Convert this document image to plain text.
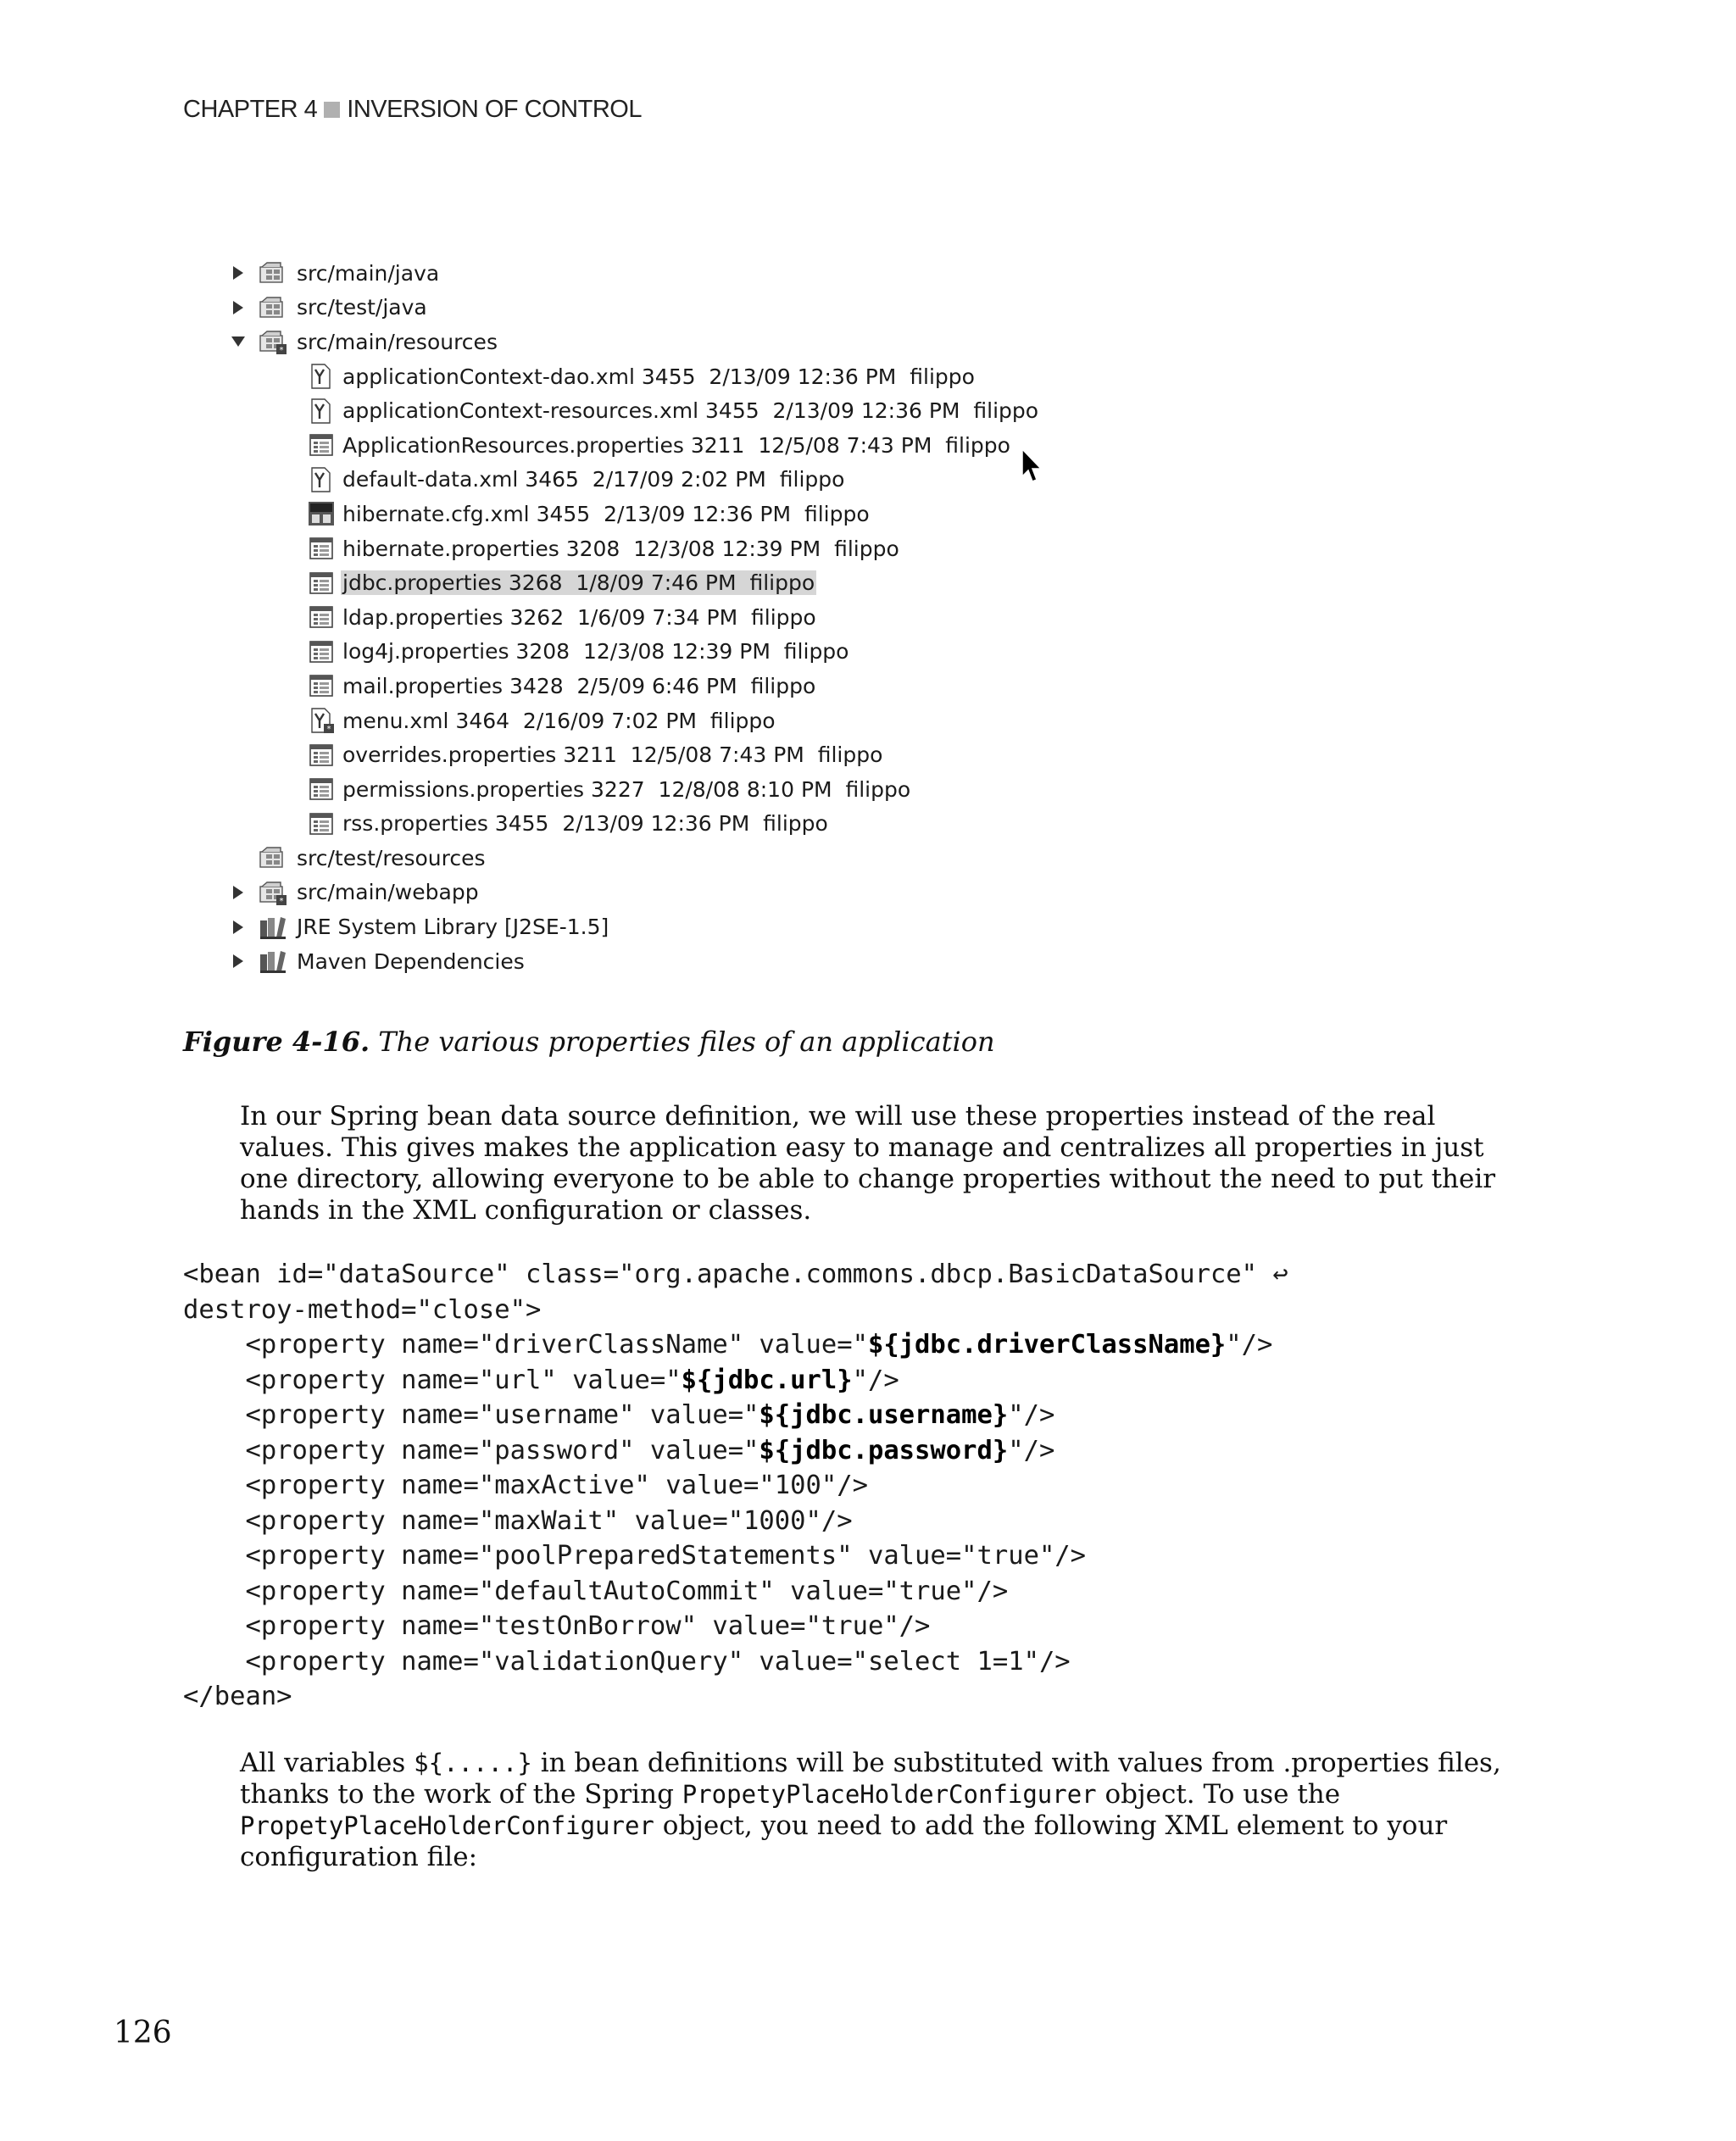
CHAPTER 4 INVERSION OF CONTROL
src/main/java
src/test/java
* src/main/resources
applicationContext-dao.xml 3455  2/13/09 12:36 PM  filippo
applicationContext-resources.xml 3455  2/13/09 12:36 PM  filippo
ApplicationResources.properties 3211  12/5/08 7:43 PM  filippo
default-data.xml 3465  2/17/09 2:02 PM  filippo
hibernate.cfg.xml 3455  2/13/09 12:36 PM  filippo
hibernate.properties 3208  12/3/08 12:39 PM  filippo
jdbc.properties 3268  1/8/09 7:46 PM  filippo
ldap.properties 3262  1/6/09 7:34 PM  filippo
log4j.properties 3208  12/3/08 12:39 PM  filippo
mail.properties 3428  2/5/09 6:46 PM  filippo
* menu.xml 3464  2/16/09 7:02 PM  filippo
overrides.properties 3211  12/5/08 7:43 PM  filippo
permissions.properties 3227  12/8/08 8:10 PM  filippo
rss.properties 3455  2/13/09 12:36 PM  filippo
src/test/resources
* src/main/webapp
JRE System Library [J2SE-1.5]
Maven Dependencies
Figure 4-16. The various properties files of an application
In our Spring bean data source definition, we will use these properties instead of the real values. This gives makes the application easy to manage and centralizes all properties in just one directory, allowing everyone to be able to change properties without the need to put their hands in the XML configuration or classes.
<bean id="dataSource" class="org.apache.commons.dbcp.BasicDataSource" ↩
destroy-method="close">
<property name="driverClassName" value="${jdbc.driverClassName}"/>
<property name="url" value="${jdbc.url}"/>
<property name="username" value="${jdbc.username}"/>
<property name="password" value="${jdbc.password}"/>
<property name="maxActive" value="100"/>
<property name="maxWait" value="1000"/>
<property name="poolPreparedStatements" value="true"/>
<property name="defaultAutoCommit" value="true"/>
<property name="testOnBorrow" value="true"/>
<property name="validationQuery" value="select 1=1"/>
</bean>
All variables ${.....} in bean definitions will be substituted with values from .properties files, thanks to the work of the Spring PropetyPlaceHolderConfigurer object. To use the PropetyPlaceHolderConfigurer object, you need to add the following XML element to your configuration file:
126
